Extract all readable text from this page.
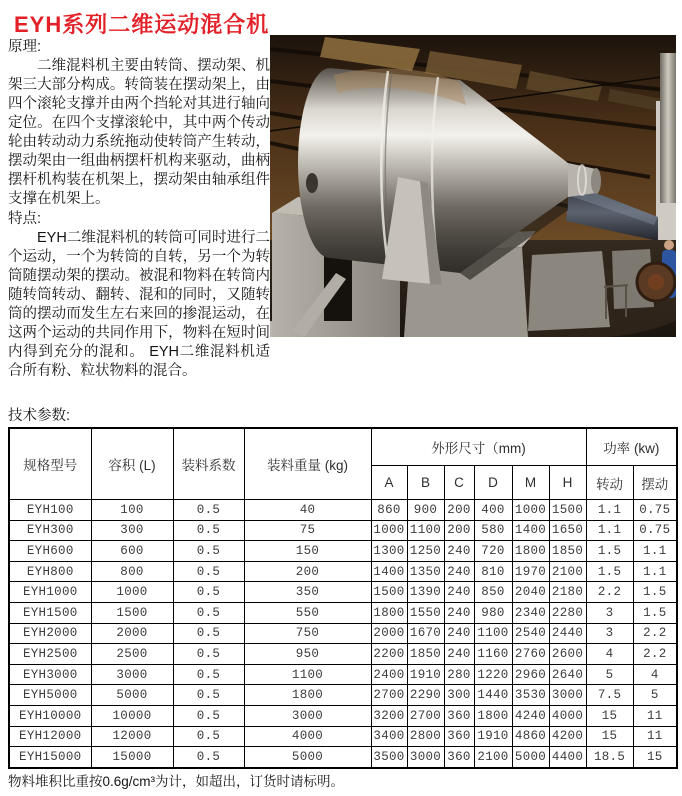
EYH系列二维运动混合机

原理:

二维混料机主要由转筒、摆动架、机架三大部分构成。转筒装在摆动架上，由四个滚轮支撑并由两个挡轮对其进行轴向定位。在四个支撑滚轮中，其中两个传动轮由转动动力系统拖动使转筒产生转动，摆动架由一组曲柄摆杆机构来驱动，曲柄摆杆机构装在机架上，摆动架由轴承组件支撑在机架上。

特点:

EYH二维混料机的转筒可同时进行二个运动，一个为转筒的自转，另一个为转筒随摆动架的摆动。被混和物料在转筒内随转筒转动、翻转、混和的同时，又随转筒的摆动而发生左右来回的掺混运动，在这两个运动的共同作用下，物料在短时间内得到充分的混和。 EYH二维混料机适合所有粉、粒状物料的混合。

技术参数:

规格型号	容积 (L)	装料系数	装料重量 (kg)	外形尺寸（mm)						功率 (kw)	
				A	B	C	D	M	H	转动	摆动
EYH100	100	0.5	40	860	900	200	400	1000	1500	1.1	0.75
EYH300	300	0.5	75	1000	1100	200	580	1400	1650	1.1	0.75
EYH600	600	0.5	150	1300	1250	240	720	1800	1850	1.5	1.1
EYH800	800	0.5	200	1400	1350	240	810	1970	2100	1.5	1.1
EYH1000	1000	0.5	350	1500	1390	240	850	2040	2180	2.2	1.5
EYH1500	1500	0.5	550	1800	1550	240	980	2340	2280	3	1.5
EYH2000	2000	0.5	750	2000	1670	240	1100	2540	2440	3	2.2
EYH2500	2500	0.5	950	2200	1850	240	1160	2760	2600	4	2.2
EYH3000	3000	0.5	1100	2400	1910	280	1220	2960	2640	5	4
EYH5000	5000	0.5	1800	2700	2290	300	1440	3530	3000	7.5	5
EYH10000	10000	0.5	3000	3200	2700	360	1800	4240	4000	15	11
EYH12000	12000	0.5	4000	3400	2800	360	1910	4860	4200	15	11
EYH15000	15000	0.5	5000	3500	3000	360	2100	5000	4400	18.5	15

物料堆积比重按0.6g/cm³为计，如超出，订货时请标明。
